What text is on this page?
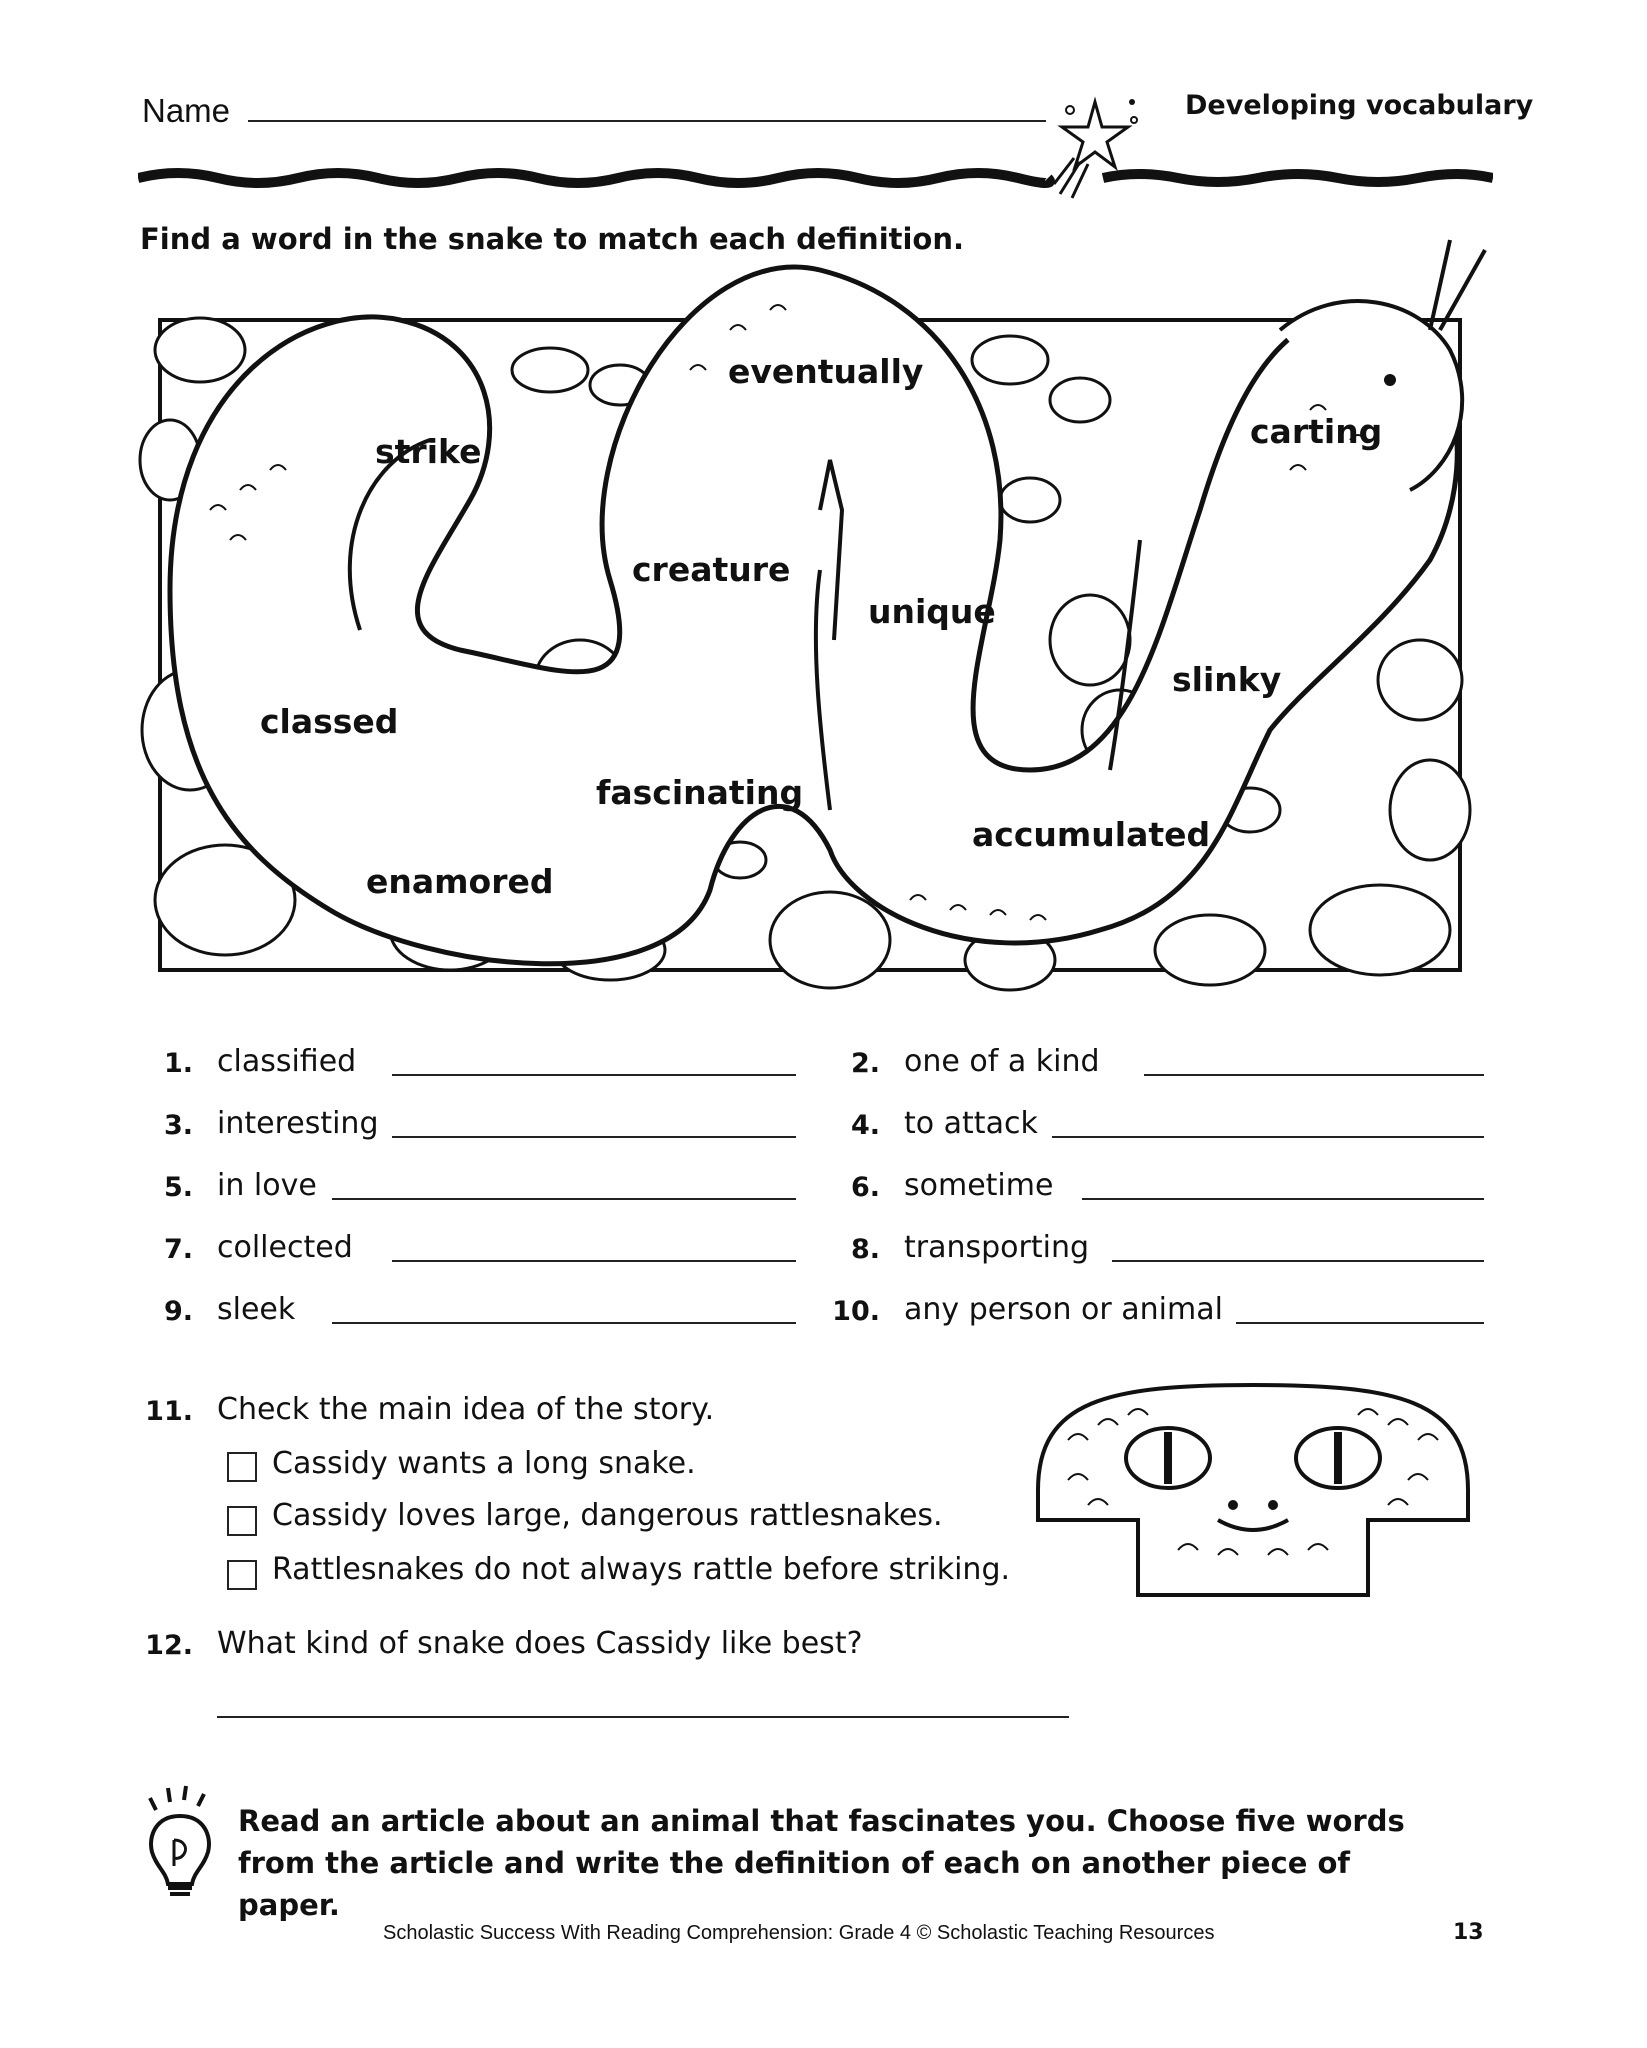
Name	Developing vocabulary
Find a word in the snake to match each definition.
eventually
carting
strike
creature
unique
slinky
classed
fascinating
accumulated
enamored
1. classified	2. one of a kind
3. interesting	4. to attack
5. in love	6. sometime
7. collected	8. transporting
9. sleek	10. any person or animal
11. Check the main idea of the story.
Cassidy wants a long snake.
Cassidy loves large, dangerous rattlesnakes.
Rattlesnakes do not always rattle before striking.
12. What kind of snake does Cassidy like best?
Read an article about an animal that fascinates you. Choose five words from the article and write the definition of each on another piece of paper.
Scholastic Success With Reading Comprehension: Grade 4 © Scholastic Teaching Resources	13
